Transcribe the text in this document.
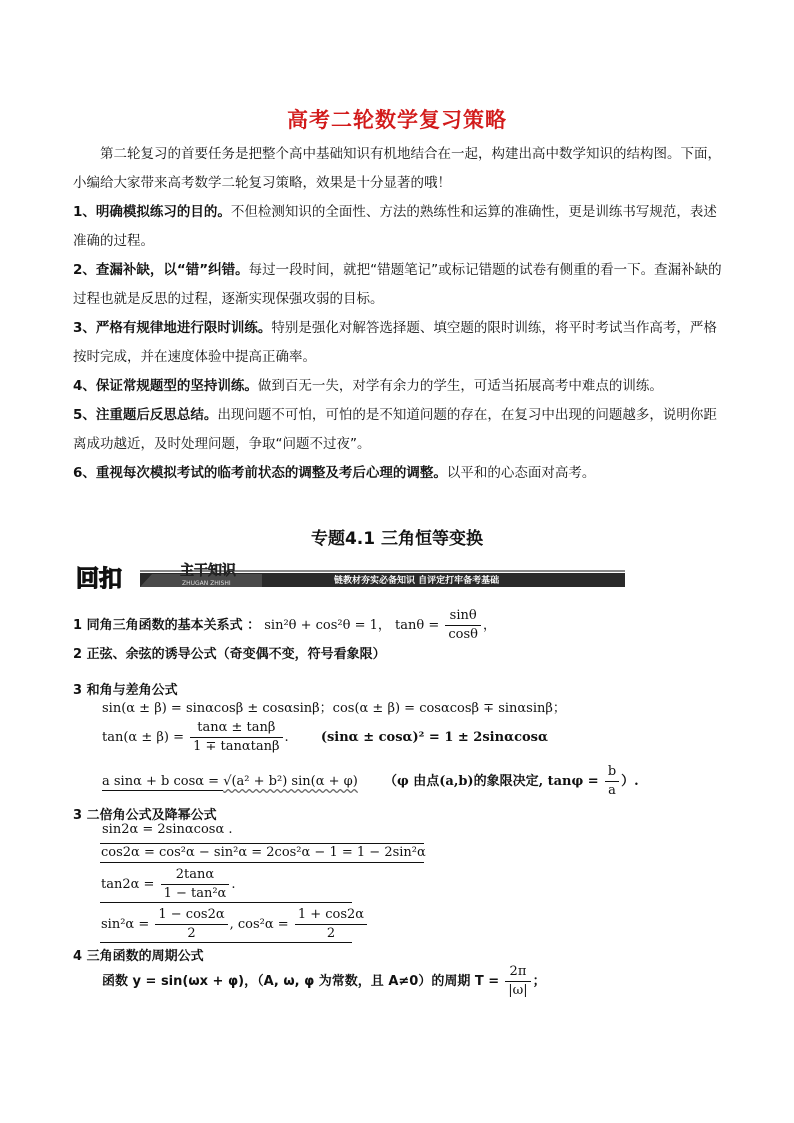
高考二轮数学复习策略
第二轮复习的首要任务是把整个高中基础知识有机地结合在一起，构建出高中数学知识的结构图。下面，小编给大家带来高考数学二轮复习策略，效果是十分显著的哦！
1、明确模拟练习的目的。不但检测知识的全面性、方法的熟练性和运算的准确性，更是训练书写规范，表述准确的过程。
2、查漏补缺，以“错”纠错。每过一段时间，就把“错题笔记”或标记错题的试卷有侧重的看一下。查漏补缺的过程也就是反思的过程，逐渐实现保强攻弱的目标。
3、严格有规律地进行限时训练。特别是强化对解答选择题、填空题的限时训练，将平时考试当作高考，严格按时完成，并在速度体验中提高正确率。
4、保证常规题型的坚持训练。做到百无一失，对学有余力的学生，可适当拓展高考中难点的训练。
5、注重题后反思总结。出现问题不可怕，可怕的是不知道问题的存在，在复习中出现的问题越多，说明你距离成功越近，及时处理问题，争取“问题不过夜”。
6、重视每次模拟考试的临考前状态的调整及考后心理的调整。以平和的心态面对高考。
专题4.1 三角恒等变换
回扣	主干知识
ZHUGAN ZHISHI	链教材夯实必备知识 自评定打牢备考基础
1 同角三角函数的基本关系式 ： sin²θ + cos²θ = 1， $\tan\theta = \frac{\sin\theta}{\cos\theta}$ ，
2 正弦、余弦的诱导公式（奇变偶不变，符号看象限）
3 和角与差角公式
sin(α ± β) = sinαcosβ ± cosαsinβ；cos(α ± β) = cosαcosβ ∓ sinαsinβ；
$\tan(\alpha \pm \beta) = \frac{\tan\alpha \pm \tan\beta}{1 \mp \tan\alpha\tan\beta}$ . (sinα ± cosα)² = 1 ± 2sinαcosα
a sinα + b cosα = √(a² + b²) sin(α + φ) （φ 由点(a,b)的象限决定, $\tan\varphi = \frac{b}{a}$ ）.
3 二倍角公式及降幂公式
sin2α = 2sinαcosα .
cos2α = cos²α − sin²α = 2cos²α − 1 = 1 − 2sin²α
$\tan 2\alpha = \frac{2\tan\alpha}{\text{1 − tan²α}}$ .
$\sin^2\alpha = \frac{1 - \cos 2\alpha}{2}$ , $\cos^2\alpha = \frac{1 + \cos 2\alpha}{2}$
4 三角函数的周期公式
函数 y = sin(ωx + φ)，（A, ω, φ 为常数，且 A≠0）的周期 $T = \frac{2\pi}{|\omega|}$ ；
